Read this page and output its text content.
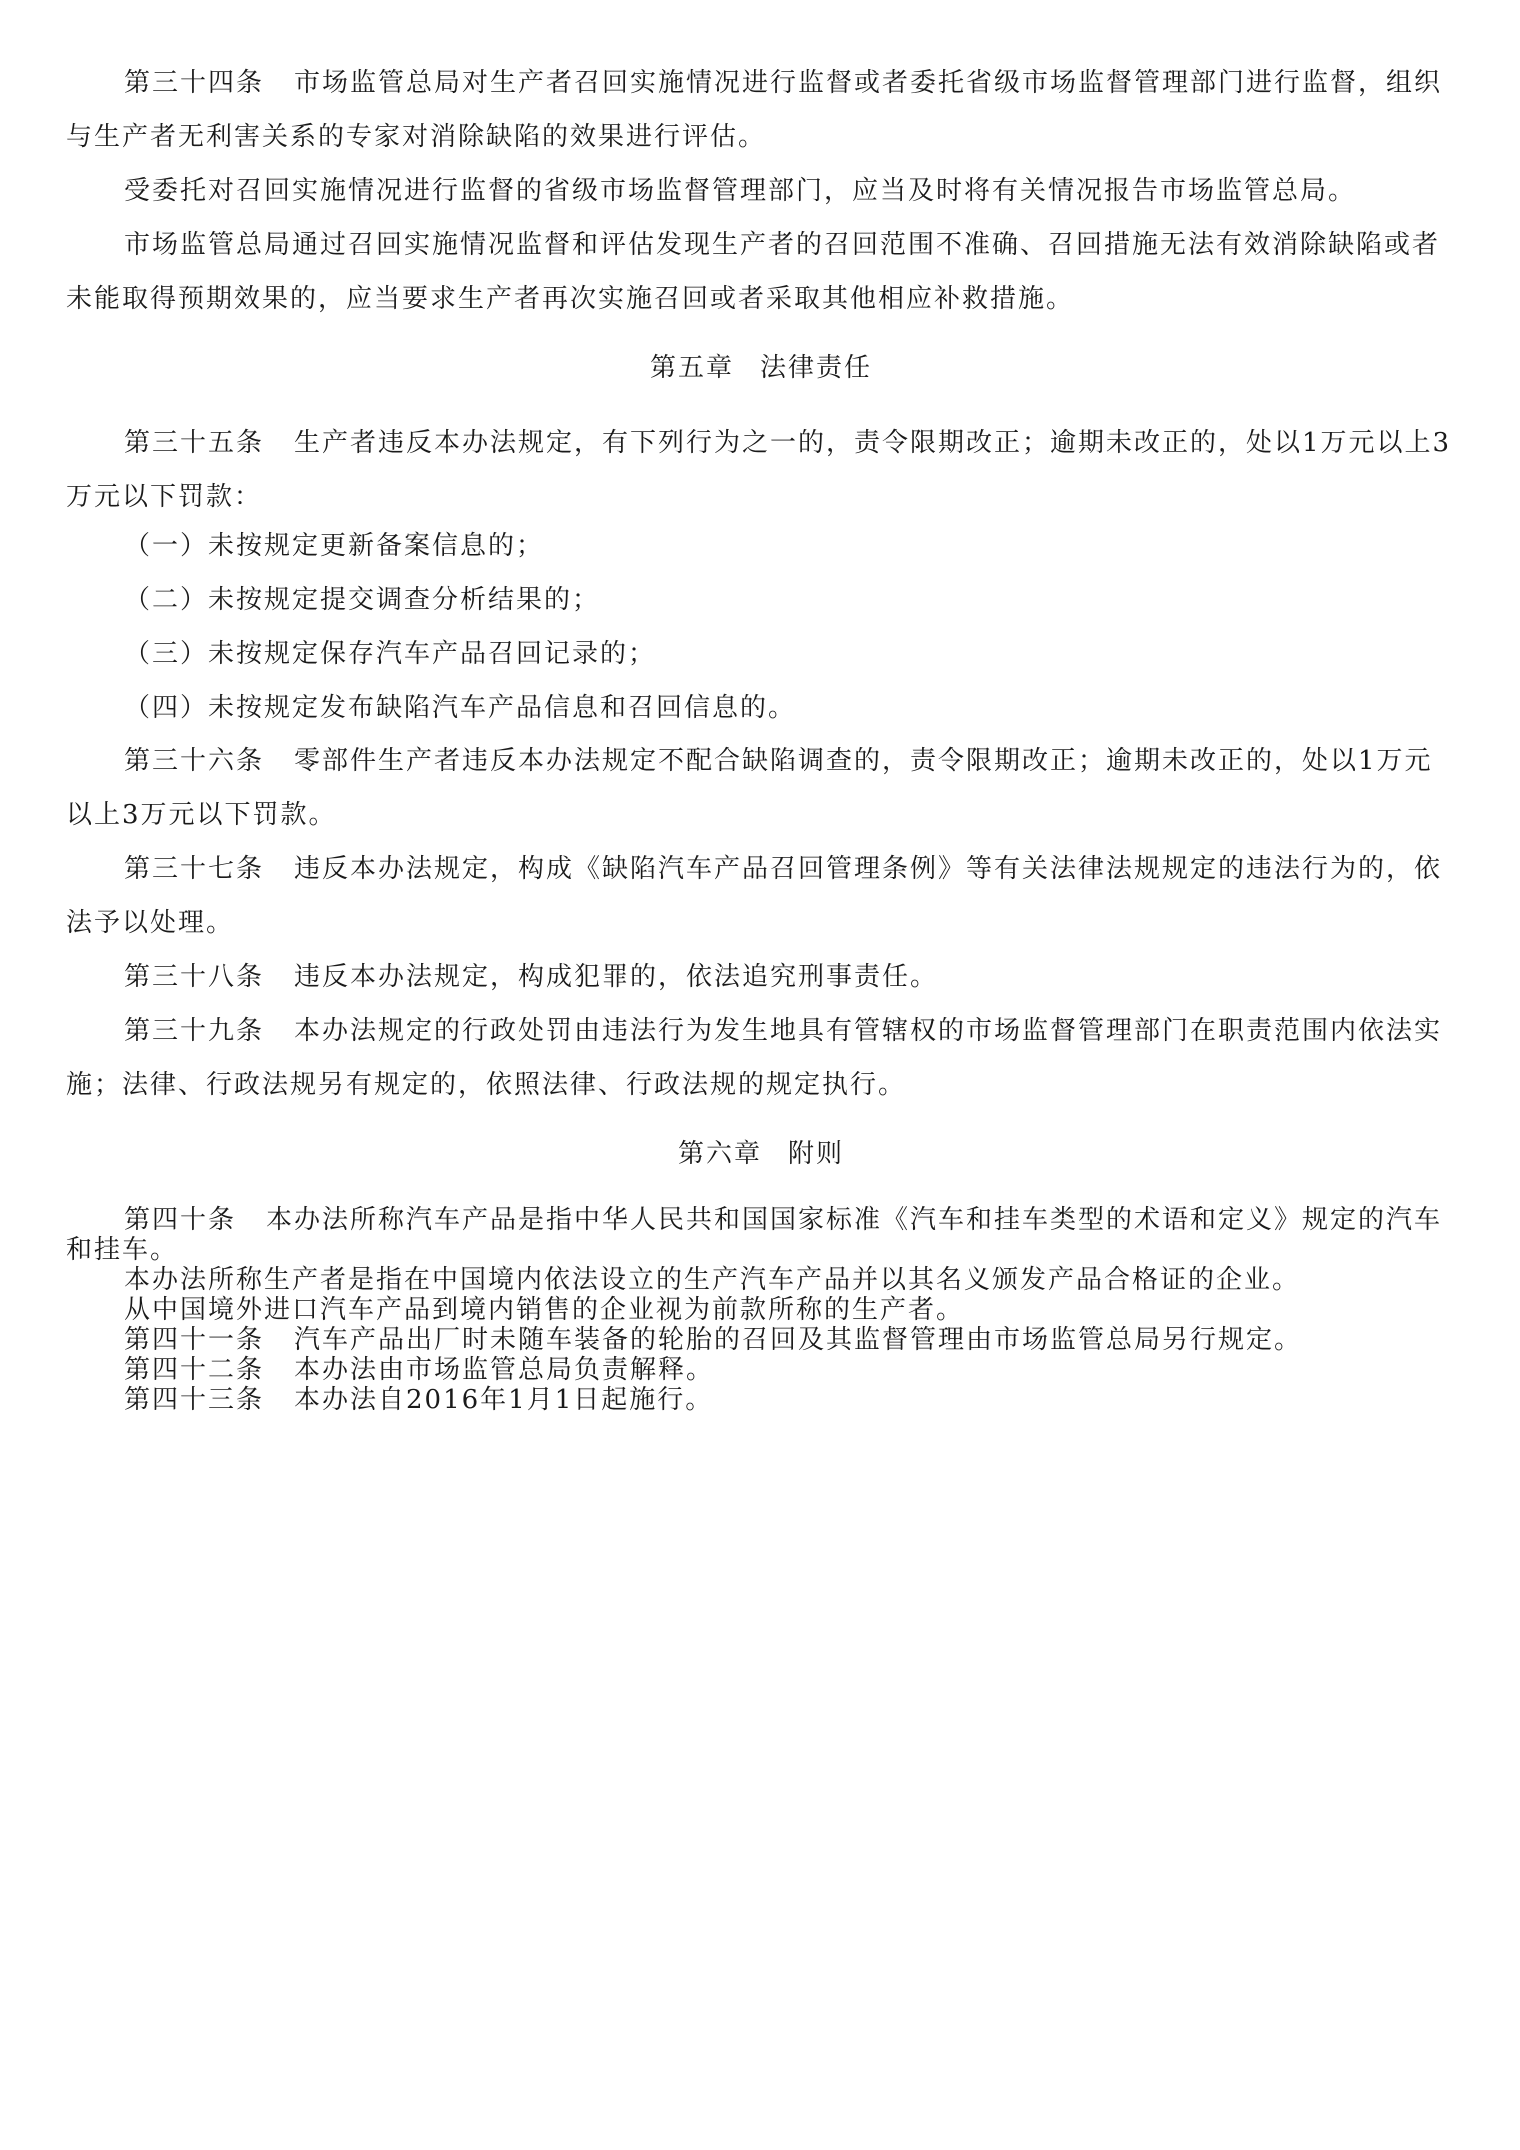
第三十四条 市场监管总局对生产者召回实施情况进行监督或者委托省级市场监督管理部门进行监督，组织与生产者无利害关系的专家对消除缺陷的效果进行评估。

受委托对召回实施情况进行监督的省级市场监督管理部门，应当及时将有关情况报告市场监管总局。

市场监管总局通过召回实施情况监督和评估发现生产者的召回范围不准确、召回措施无法有效消除缺陷或者未能取得预期效果的，应当要求生产者再次实施召回或者采取其他相应补救措施。

第五章 法律责任

第三十五条 生产者违反本办法规定，有下列行为之一的，责令限期改正；逾期未改正的，处以1万元以上3万元以下罚款：

（一）未按规定更新备案信息的；

（二）未按规定提交调查分析结果的；

（三）未按规定保存汽车产品召回记录的；

（四）未按规定发布缺陷汽车产品信息和召回信息的。

第三十六条 零部件生产者违反本办法规定不配合缺陷调查的，责令限期改正；逾期未改正的，处以1万元以上3万元以下罚款。

第三十七条 违反本办法规定，构成《缺陷汽车产品召回管理条例》等有关法律法规规定的违法行为的，依法予以处理。

第三十八条 违反本办法规定，构成犯罪的，依法追究刑事责任。

第三十九条 本办法规定的行政处罚由违法行为发生地具有管辖权的市场监督管理部门在职责范围内依法实施；法律、行政法规另有规定的，依照法律、行政法规的规定执行。

第六章 附则

第四十条 本办法所称汽车产品是指中华人民共和国国家标准《汽车和挂车类型的术语和定义》规定的汽车和挂车。

本办法所称生产者是指在中国境内依法设立的生产汽车产品并以其名义颁发产品合格证的企业。

从中国境外进口汽车产品到境内销售的企业视为前款所称的生产者。

第四十一条 汽车产品出厂时未随车装备的轮胎的召回及其监督管理由市场监管总局另行规定。

第四十二条 本办法由市场监管总局负责解释。

第四十三条 本办法自2016年1月1日起施行。
